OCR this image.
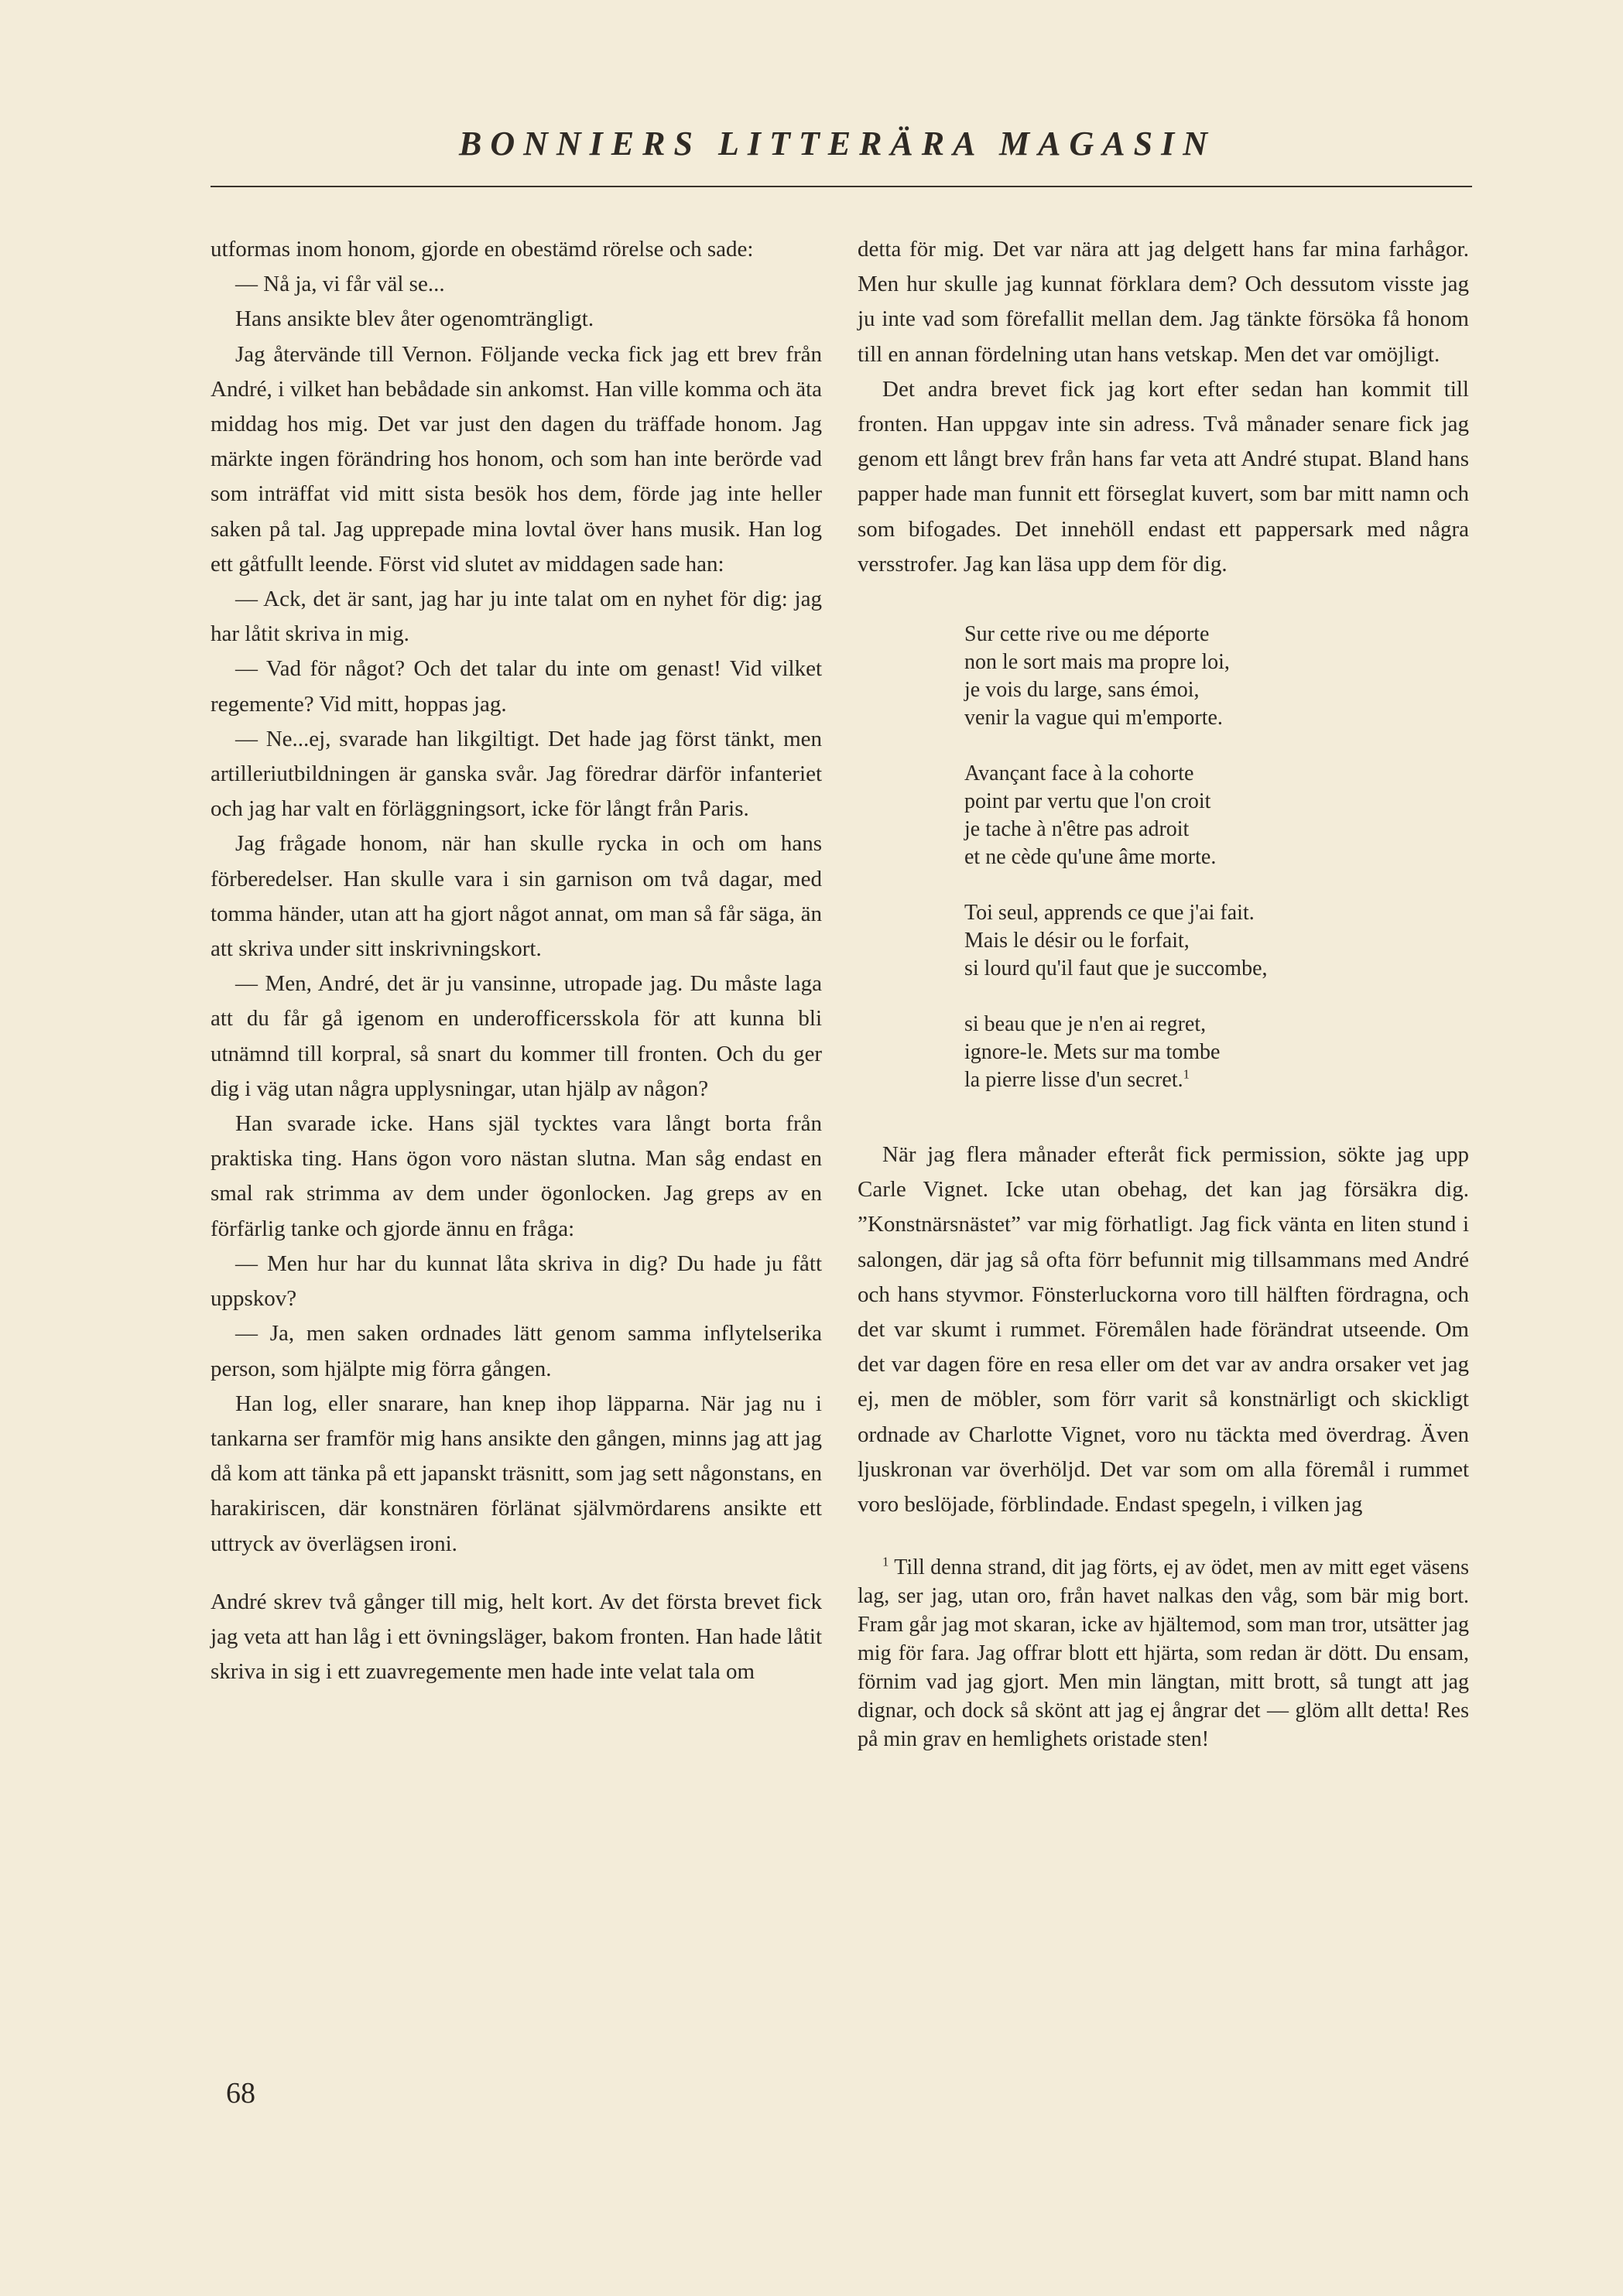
BONNIERS LITTERÄRA MAGASIN

utformas inom honom, gjorde en obestämd rörelse och sade:

— Nå ja, vi får väl se...

Hans ansikte blev åter ogenomträngligt.

Jag återvände till Vernon. Följande vecka fick jag ett brev från André, i vilket han bebådade sin ankomst. Han ville komma och äta middag hos mig. Det var just den dagen du träffade honom. Jag märkte ingen förändring hos honom, och som han inte berörde vad som inträffat vid mitt sista besök hos dem, förde jag inte heller saken på tal. Jag upprepade mina lovtal över hans musik. Han log ett gåtfullt leende. Först vid slutet av middagen sade han:

— Ack, det är sant, jag har ju inte talat om en nyhet för dig: jag har låtit skriva in mig.

— Vad för något? Och det talar du inte om genast! Vid vilket regemente? Vid mitt, hoppas jag.

— Ne...ej, svarade han likgiltigt. Det hade jag först tänkt, men artilleriutbildningen är ganska svår. Jag föredrar därför infanteriet och jag har valt en förläggningsort, icke för långt från Paris.

Jag frågade honom, när han skulle rycka in och om hans förberedelser. Han skulle vara i sin garnison om två dagar, med tomma händer, utan att ha gjort något annat, om man så får säga, än att skriva under sitt inskrivningskort.

— Men, André, det är ju vansinne, utropade jag. Du måste laga att du får gå igenom en underofficersskola för att kunna bli utnämnd till korpral, så snart du kommer till fronten. Och du ger dig i väg utan några upplysningar, utan hjälp av någon?

Han svarade icke. Hans själ tycktes vara långt borta från praktiska ting. Hans ögon voro nästan slutna. Man såg endast en smal rak strimma av dem under ögonlocken. Jag greps av en förfärlig tanke och gjorde ännu en fråga:

— Men hur har du kunnat låta skriva in dig? Du hade ju fått uppskov?

— Ja, men saken ordnades lätt genom samma inflytelserika person, som hjälpte mig förra gången.

Han log, eller snarare, han knep ihop läpparna. När jag nu i tankarna ser framför mig hans ansikte den gången, minns jag att jag då kom att tänka på ett japanskt träsnitt, som jag sett någonstans, en harakiriscen, där konstnären förlänat självmördarens ansikte ett uttryck av överlägsen ironi.

André skrev två gånger till mig, helt kort. Av det första brevet fick jag veta att han låg i ett övningsläger, bakom fronten. Han hade låtit skriva in sig i ett zuavregemente men hade inte velat tala om

detta för mig. Det var nära att jag delgett hans far mina farhågor. Men hur skulle jag kunnat förklara dem? Och dessutom visste jag ju inte vad som förefallit mellan dem. Jag tänkte försöka få honom till en annan fördelning utan hans vetskap. Men det var omöjligt.

Det andra brevet fick jag kort efter sedan han kommit till fronten. Han uppgav inte sin adress. Två månader senare fick jag genom ett långt brev från hans far veta att André stupat. Bland hans papper hade man funnit ett förseglat kuvert, som bar mitt namn och som bifogades. Det innehöll endast ett pappersark med några versstrofer. Jag kan läsa upp dem för dig.

Sur cette rive ou me déporte
non le sort mais ma propre loi,
je vois du large, sans émoi,
venir la vague qui m'emporte.
Avançant face à la cohorte
point par vertu que l'on croit
je tache à n'être pas adroit
et ne cède qu'une âme morte.
Toi seul, apprends ce que j'ai fait.
Mais le désir ou le forfait,
si lourd qu'il faut que je succombe,
si beau que je n'en ai regret,
ignore-le. Mets sur ma tombe
la pierre lisse d'un secret.$^1$

När jag flera månader efteråt fick permission, sökte jag upp Carle Vignet. Icke utan obehag, det kan jag försäkra dig. ”Konstnärsnästet” var mig förhatligt. Jag fick vänta en liten stund i salongen, där jag så ofta förr befunnit mig tillsammans med André och hans styvmor. Fönsterluckorna voro till hälften fördragna, och det var skumt i rummet. Föremålen hade förändrat utseende. Om det var dagen före en resa eller om det var av andra orsaker vet jag ej, men de möbler, som förr varit så konstnärligt och skickligt ordnade av Charlotte Vignet, voro nu täckta med överdrag. Även ljuskronan var överhöljd. Det var som om alla föremål i rummet voro beslöjade, förblindade. Endast spegeln, i vilken jag

$^1$ Till denna strand, dit jag förts, ej av ödet, men av mitt eget väsens lag, ser jag, utan oro, från havet nalkas den våg, som bär mig bort. Fram går jag mot skaran, icke av hjältemod, som man tror, utsätter jag mig för fara. Jag offrar blott ett hjärta, som redan är dött. Du ensam, förnim vad jag gjort. Men min längtan, mitt brott, så tungt att jag dignar, och dock så skönt att jag ej ångrar det — glöm allt detta! Res på min grav en hemlighets oristade sten!
68
